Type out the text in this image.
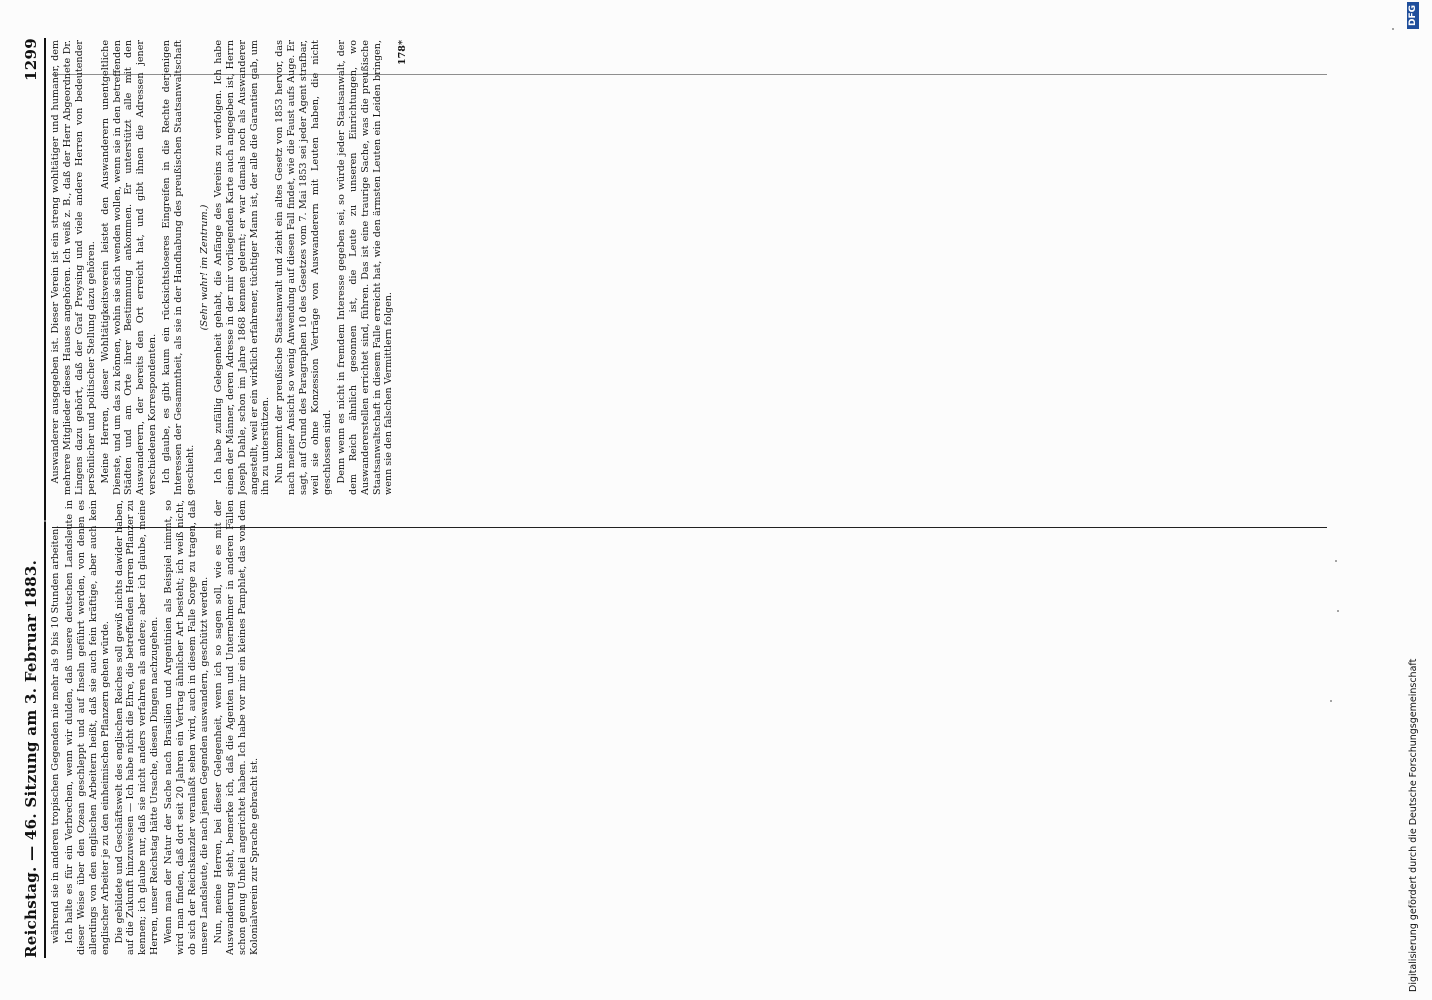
Reichstag. — 46. Sitzung am 3. Februar 1883.
1299

während sie in anderen tropischen Gegenden nie mehr als 9 bis 10 Stunden arbeiten. Ich halte es für ein Verbrechen, wenn wir dulden, daß unsere deutschen Landsleute in dieser Weise über den Ozean geschleppt und auf Inseln geführt werden, von denen es allerdings von den englischen Arbeitern heißt, daß sie auch fein kräftige, aber auch kein englischer Arbeiter je zu den einheimischen Pflanzern gehen würde. Die gebildete und Geschäftswelt des englischen Reiches soll gewiß nichts dawider haben, auf die Zukunft hinzuweisen — Ich habe nicht die Ehre, die betreffenden Herren Pflanzer zu kennen; ich glaube nur, daß sie nicht anders verfahren als andere; aber ich glaube, meine Herren, unser Reichstag hätte Ursache, diesen Dingen nachzugehen. Wenn man der Natur der Sache nach Brasilien und Argentinien als Beispiel nimmt, so wird man finden, daß dort seit 20 Jahren ein Vertrag ähnlicher Art besteht; ich weiß nicht, ob sich der Reichskanzler veranlaßt sehen wird, auch in diesem Falle Sorge zu tragen, daß unsere Landsleute, die nach jenen Gegenden auswandern, geschützt werden. Nun, meine Herren, bei dieser Gelegenheit, wenn ich so sagen soll, wie es mit der Auswanderung steht, bemerke ich, daß die Agenten und Unternehmer in anderen Fällen schon genug Unheil angerichtet haben. Ich habe vor mir ein kleines Pamphlet, das von dem Kolonialverein zur Sprache gebracht ist.

Auswanderer ausgegeben ist. Dieser Verein ist ein streng wohltätiger und humaner, dem mehrere Mitglieder dieses Hauses angehören. Ich weiß z. B., daß der Herr Abgeordnete Dr. Lingens dazu gehört, daß der Graf Preysing und viele andere Herren von bedeutender persönlicher und politischer Stellung dazu gehören. Meine Herren, dieser Wohltätigkeitsverein leistet den Auswanderern unentgeltliche Dienste, und um das zu können, wohin sie sich wenden wollen, wenn sie in den betreffenden Städten und am Orte ihrer Bestimmung ankommen. Er unterstützt alle mit den Auswanderern, der bereits den Ort erreicht hat, und gibt ihnen die Adressen jener verschiedenen Korrespondenten. Ich glaube, es gibt kaum ein rücksichtsloseres Eingreifen in die Rechte derjenigen Interessen der Gesammtheit, als sie in der Handhabung des preußischen Staatsanwaltschaft geschieht.

(Sehr wahr! im Zentrum.) Ich habe zufällig Gelegenheit gehabt, die Anfänge des Vereins zu verfolgen. Ich habe einen der Männer, deren Adresse in der mir vorliegenden Karte auch angegeben ist, Herrn Joseph Dahle, schon im Jahre 1868 kennen gelernt; er war damals noch als Auswanderer angestellt, weil er ein wirklich erfahrener, tüchtiger Mann ist, der alle die Garantien gab, um ihn zu unterstützen. Nun kommt der preußische Staatsanwalt und zieht ein altes Gesetz von 1853 hervor, das nach meiner Ansicht so wenig Anwendung auf diesen Fall findet, wie die Faust aufs Auge. Er sagt, auf Grund des Paragraphen 10 des Gesetzes vom 7. Mai 1853 sei jeder Agent strafbar, weil sie ohne Konzession Verträge von Auswanderern mit Leuten haben, die nicht geschlossen sind. Denn wenn es nicht in fremdem Interesse gegeben sei, so würde jeder Staatsanwalt, der dem Reich ähnlich gesonnen ist, die Leute zu unseren Einrichtungen, wo Auswandererstellen errichtet sind, führen. Das ist eine traurige Sache, was die preußische Staatsanwaltschaft in diesem Falle erreicht hat, wie den ärmsten Leuten ein Leiden bringen, wenn sie den falschen Vermittlern folgen.

178*
Digitalisierung gefördert durch die Deutsche Forschungsgemeinschaft
DFG
